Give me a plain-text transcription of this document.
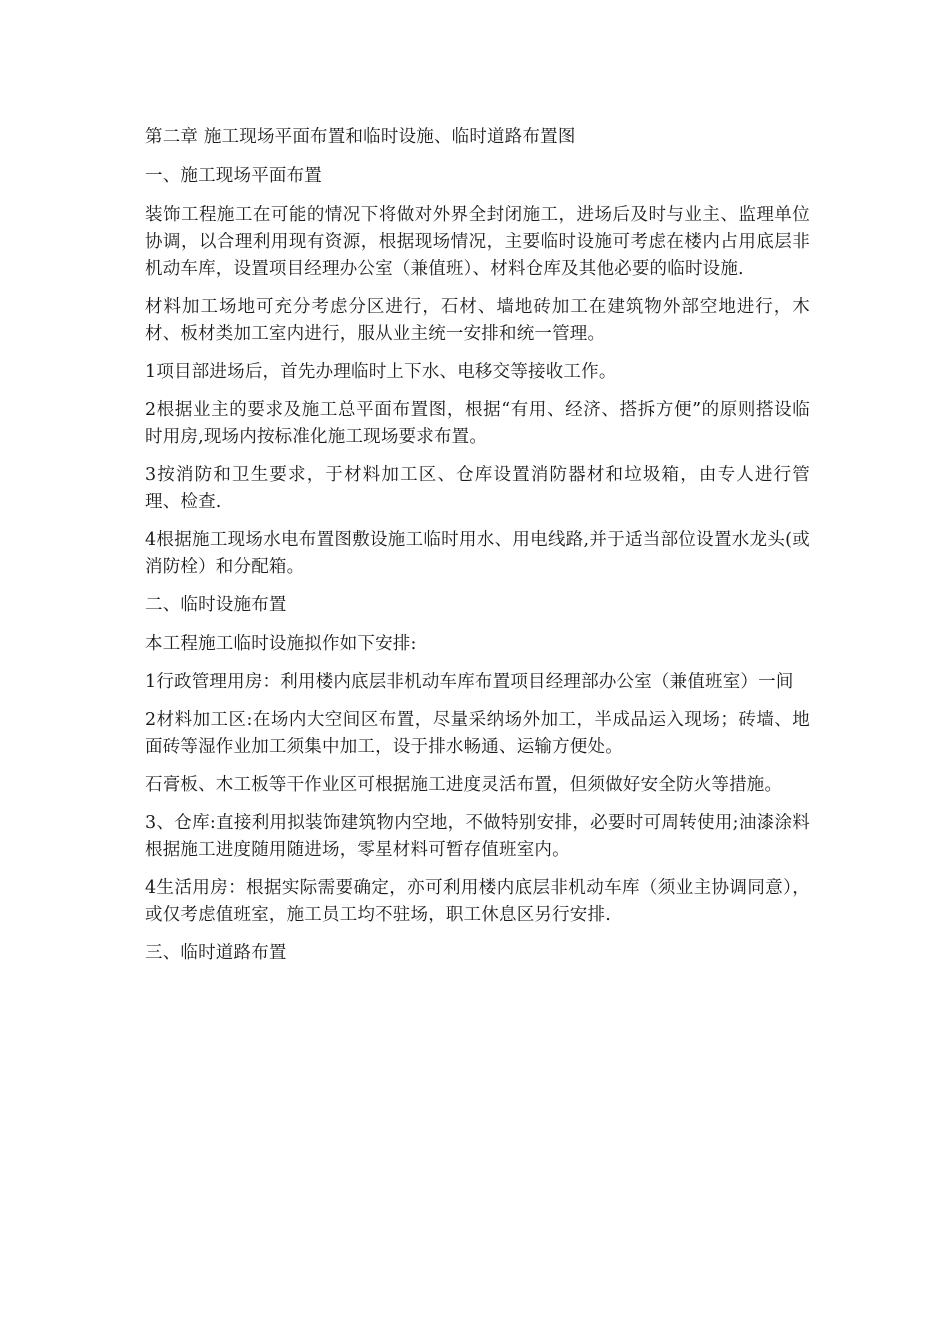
第二章 施工现场平面布置和临时设施、临时道路布置图

一、施工现场平面布置

装饰工程施工在可能的情况下将做对外界全封闭施工，进场后及时与业主、监理单位协调，以合理利用现有资源，根据现场情况，主要临时设施可考虑在楼内占用底层非机动车库，设置项目经理办公室（兼值班）、材料仓库及其他必要的临时设施.

材料加工场地可充分考虑分区进行，石材、墙地砖加工在建筑物外部空地进行，木材、板材类加工室内进行，服从业主统一安排和统一管理。

1项目部进场后，首先办理临时上下水、电移交等接收工作。

2根据业主的要求及施工总平面布置图，根据“有用、经济、搭拆方便”的原则搭设临时用房,现场内按标准化施工现场要求布置。

3按消防和卫生要求，于材料加工区、仓库设置消防器材和垃圾箱，由专人进行管理、检查.

4根据施工现场水电布置图敷设施工临时用水、用电线路,并于适当部位设置水龙头(或消防栓）和分配箱。

二、临时设施布置

本工程施工临时设施拟作如下安排:

1行政管理用房：利用楼内底层非机动车库布置项目经理部办公室（兼值班室）一间

2材料加工区:在场内大空间区布置，尽量采纳场外加工，半成品运入现场；砖墙、地面砖等湿作业加工须集中加工，设于排水畅通、运输方便处。

石膏板、木工板等干作业区可根据施工进度灵活布置，但须做好安全防火等措施。

3、仓库:直接利用拟装饰建筑物内空地，不做特别安排，必要时可周转使用;油漆涂料根据施工进度随用随进场，零星材料可暂存值班室内。

4生活用房：根据实际需要确定，亦可利用楼内底层非机动车库（须业主协调同意），或仅考虑值班室，施工员工均不驻场，职工休息区另行安排.

三、临时道路布置
